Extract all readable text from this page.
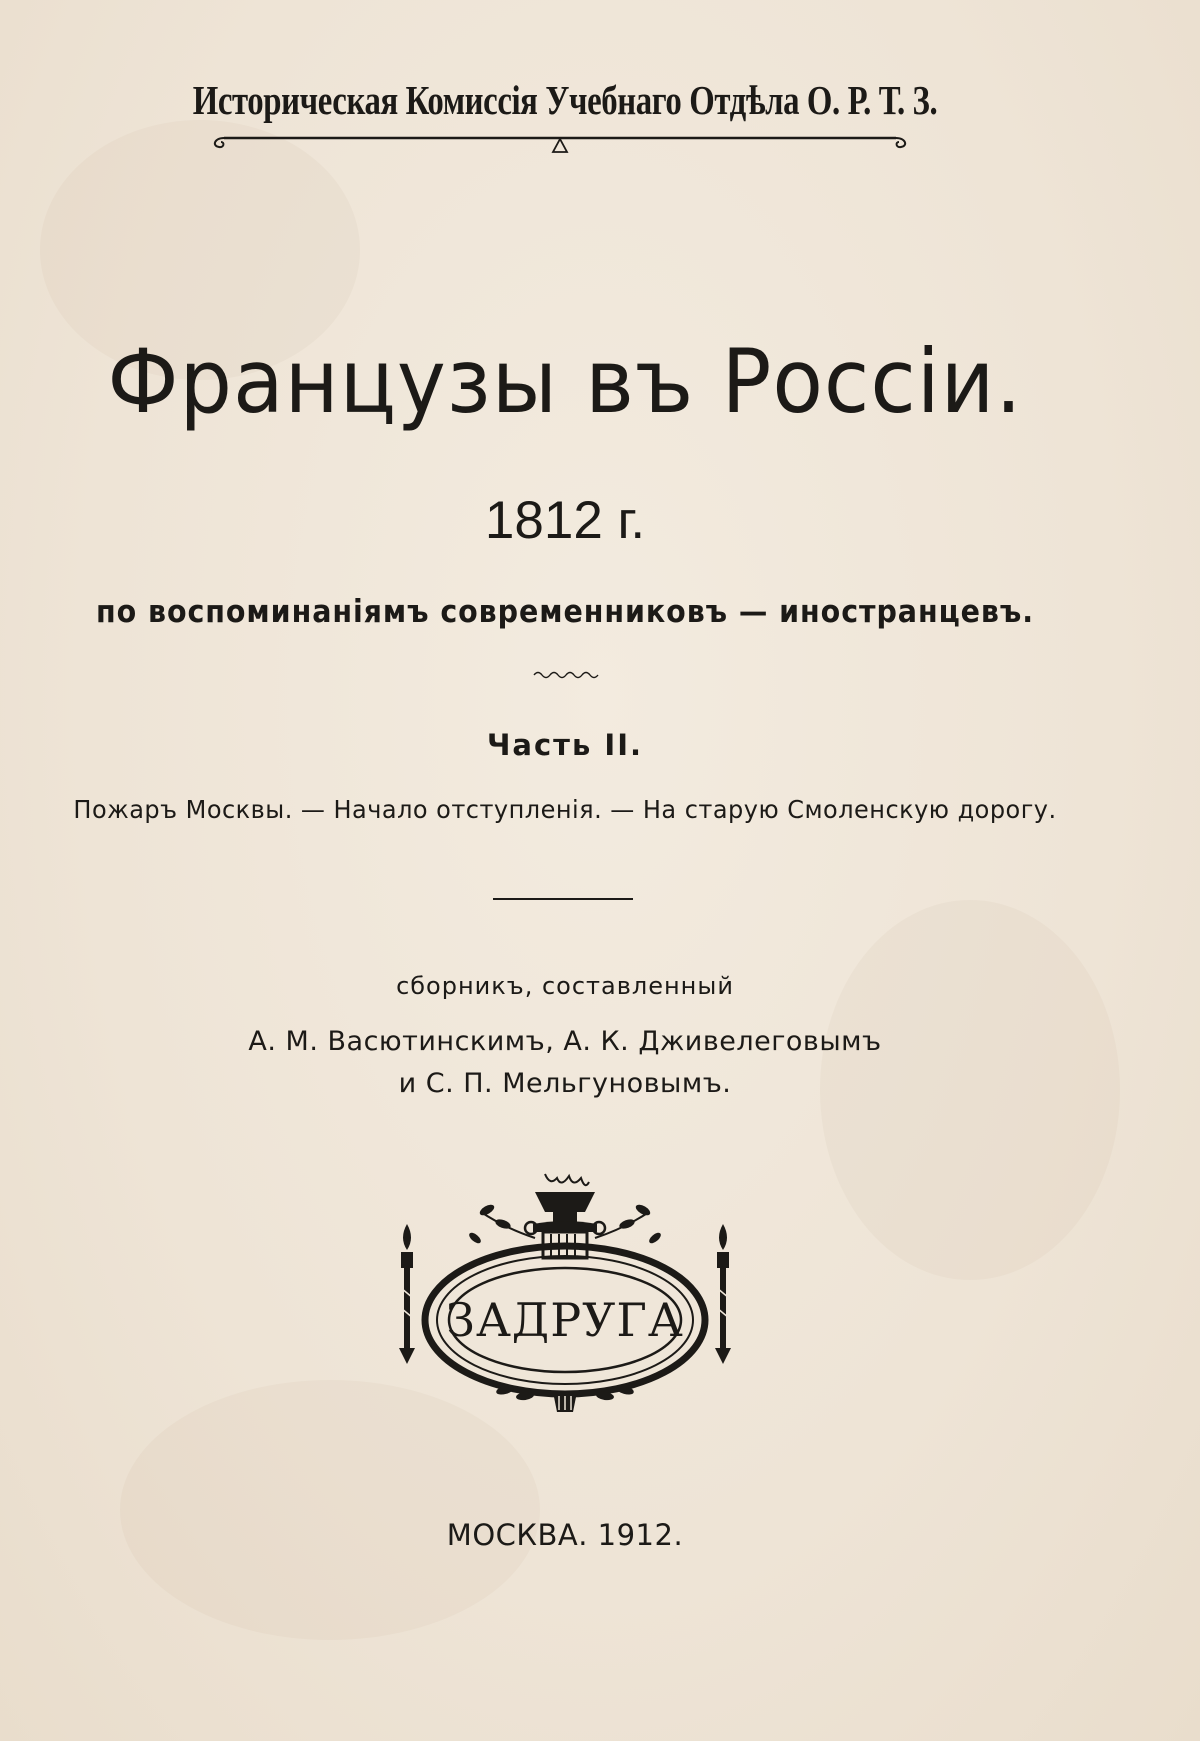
Историческая Комиссія Учебнаго Отдѣла О. Р. Т. З.
Французы въ Россіи.
1812 г.
по воспоминаніямъ современниковъ — иностранцевъ.
Часть II.
Пожаръ Москвы. — Начало отступленія. — На старую Смоленскую дорогу.
сборникъ, составленный
А. М. Васютинскимъ, А. К. Дживелеговымъ
и С. П. Мельгуновымъ.
ЗАДРУГА
МОСКВА. 1912.
